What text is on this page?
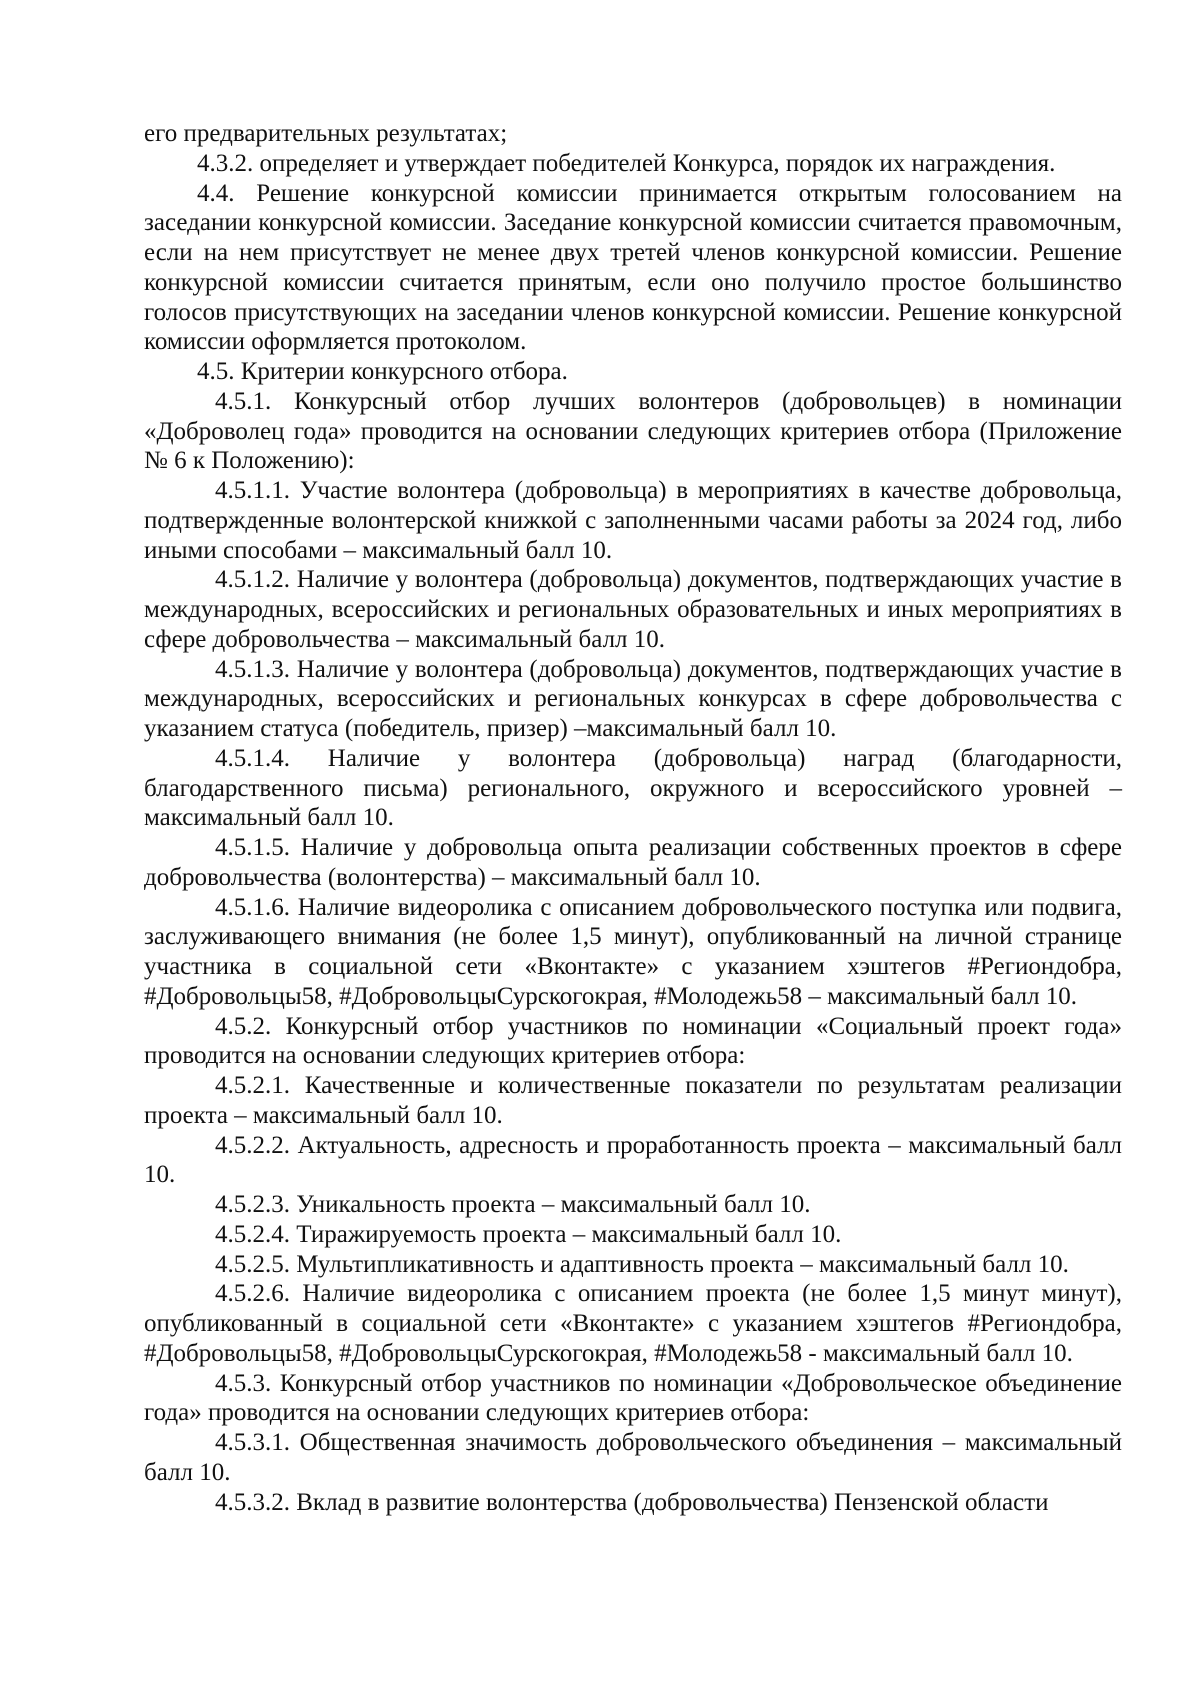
его предварительных результатах;

4.3.2. определяет и утверждает победителей Конкурса, порядок их награждения.

4.4. Решение конкурсной комиссии принимается открытым голосованием на заседании конкурсной комиссии. Заседание конкурсной комиссии считается правомочным, если на нем присутствует не менее двух третей членов конкурсной комиссии. Решение конкурсной комиссии считается принятым, если оно получило простое большинство голосов присутствующих на заседании членов конкурсной комиссии. Решение конкурсной комиссии оформляется протоколом.

4.5. Критерии конкурсного отбора.

4.5.1. Конкурсный отбор лучших волонтеров (добровольцев) в номинации «Доброволец года» проводится на основании следующих критериев отбора (Приложение № 6 к Положению):

4.5.1.1. Участие волонтера (добровольца) в мероприятиях в качестве добровольца, подтвержденные волонтерской книжкой с заполненными часами работы за 2024 год, либо иными способами – максимальный балл 10.

4.5.1.2. Наличие у волонтера (добровольца) документов, подтверждающих участие в международных, всероссийских и региональных образовательных и иных мероприятиях в сфере добровольчества – максимальный балл 10.

4.5.1.3. Наличие у волонтера (добровольца) документов, подтверждающих участие в международных, всероссийских и региональных конкурсах в сфере добровольчества с указанием статуса (победитель, призер) –максимальный балл 10.

4.5.1.4. Наличие у волонтера (добровольца) наград (благодарности, благодарственного письма) регионального, окружного и всероссийского уровней – максимальный балл 10.

4.5.1.5. Наличие у добровольца опыта реализации собственных проектов в сфере добровольчества (волонтерства) – максимальный балл 10.

4.5.1.6. Наличие видеоролика с описанием добровольческого поступка или подвига, заслуживающего внимания (не более 1,5 минут), опубликованный на личной странице участника в социальной сети «Вконтакте» с указанием хэштегов #Региондобра, #Добровольцы58, #ДобровольцыСурскогокрая, #Молодежь58 – максимальный балл 10.

4.5.2. Конкурсный отбор участников по номинации «Социальный проект года» проводится на основании следующих критериев отбора:

4.5.2.1. Качественные и количественные показатели по результатам реализации проекта – максимальный балл 10.

4.5.2.2. Актуальность, адресность и проработанность проекта – максимальный балл 10.

4.5.2.3. Уникальность проекта – максимальный балл 10.

4.5.2.4. Тиражируемость проекта – максимальный балл 10.

4.5.2.5. Мультипликативность и адаптивность проекта – максимальный балл 10.

4.5.2.6. Наличие видеоролика с описанием проекта (не более 1,5 минут минут), опубликованный в социальной сети «Вконтакте» с указанием хэштегов #Региондобра, #Добровольцы58, #ДобровольцыСурскогокрая, #Молодежь58 - максимальный балл 10.

4.5.3. Конкурсный отбор участников по номинации «Добровольческое объединение года» проводится на основании следующих критериев отбора:

4.5.3.1. Общественная значимость добровольческого объединения – максимальный балл 10.

4.5.3.2. Вклад в развитие волонтерства (добровольчества) Пензенской области
